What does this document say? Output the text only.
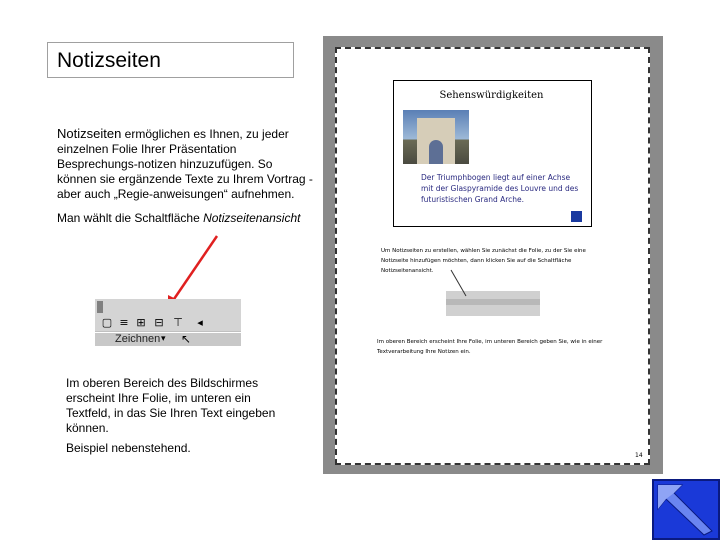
Notizseiten
Notizseiten ermöglichen es Ihnen, zu jeder einzelnen Folie Ihrer Präsentation Besprechungs-notizen hinzuzufügen. So können sie ergänzende Texte zu Ihrem Vortrag - aber auch „Regie-anweisungen“ aufnehmen.
Man wählt die Schaltfläche Notizseitenansicht
▢ ≡ ⊞ ⊟ ⊤	◂
Zeichnen ▾ ↖
Im oberen Bereich des Bildschirmes erscheint Ihre Folie, im unteren ein Textfeld, in das Sie Ihren Text eingeben können.
Beispiel nebenstehend.
Sehenswürdigkeiten
Der Triumphbogen liegt auf einer Achse mit der Glaspyramide des Louvre und des futuristischen Grand Arche.
Um Notizseiten zu erstellen, wählen Sie zunächst die Folie, zu der Sie eine Notizseite hinzufügen möchten, dann klicken Sie auf die Schaltfläche Notizseitenansicht.
Im oberen Bereich erscheint Ihre Folie, im unteren Bereich geben Sie, wie in einer Textverarbeitung Ihre Notizen ein.
14
